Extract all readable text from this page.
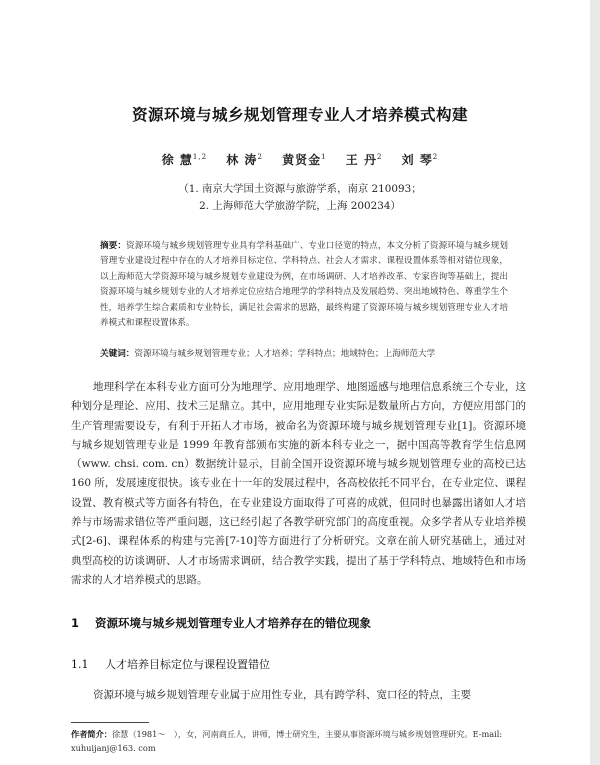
资源环境与城乡规划管理专业人才培养模式构建
徐 慧$^{1,2}$ 林 涛$^2$ 黄贤金$^1$ 王 丹$^2$ 刘 琴$^2$
（1. 南京大学国土资源与旅游学系，南京 210093；
2. 上海师范大学旅游学院，上海 200234）
摘要：资源环境与城乡规划管理专业具有学科基础广、专业口径宽的特点，本文分析了资源环境与城乡规划管理专业建设过程中存在的人才培养目标定位、学科特点、社会人才需求、课程设置体系等相对错位现象，以上海师范大学资源环境与城乡规划专业建设为例，在市场调研、人才培养改革、专家咨询等基础上，提出资源环境与城乡规划专业的人才培养定位应结合地理学的学科特点及发展趋势、突出地域特色、尊重学生个性，培养学生综合素质和专业特长，满足社会需求的思路，最终构建了资源环境与城乡规划管理专业人才培养模式和课程设置体系。
关键词：资源环境与城乡规划管理专业；人才培养；学科特点；地域特色；上海师范大学
地理科学在本科专业方面可分为地理学、应用地理学、地图遥感与地理信息系统三个专业，这种划分是理论、应用、技术三足鼎立。其中，应用地理专业实际是数量所占方向，方便应用部门的生产管理需要设专，有利于开拓人才市场，被命名为资源环境与城乡规划管理专业[1]。资源环境与城乡规划管理专业是 1999 年教育部颁布实施的新本科专业之一，据中国高等教育学生信息网（www. chsi. com. cn）数据统计显示，目前全国开设资源环境与城乡规划管理专业的高校已达 160 所，发展速度很快。该专业在十一年的发展过程中，各高校依托不同平台，在专业定位、课程设置、教育模式等方面各有特色，在专业建设方面取得了可喜的成就，但同时也暴露出诸如人才培养与市场需求错位等严重问题，这已经引起了各教学研究部门的高度重视。众多学者从专业培养模式[2-6]、课程体系的构建与完善[7-10]等方面进行了分析研究。文章在前人研究基础上，通过对典型高校的访谈调研、人才市场需求调研，结合教学实践，提出了基于学科特点、地域特色和市场需求的人才培养模式的思路。
1 资源环境与城乡规划管理专业人才培养存在的错位现象
1.1 人才培养目标定位与课程设置错位
资源环境与城乡规划管理专业属于应用性专业，具有跨学科、宽口径的特点，主要
作者简介：徐慧（1981～　），女，河南商丘人，讲师，博士研究生，主要从事资源环境与城乡规划管理研究。E-mail: xuhuijanj@163. com
